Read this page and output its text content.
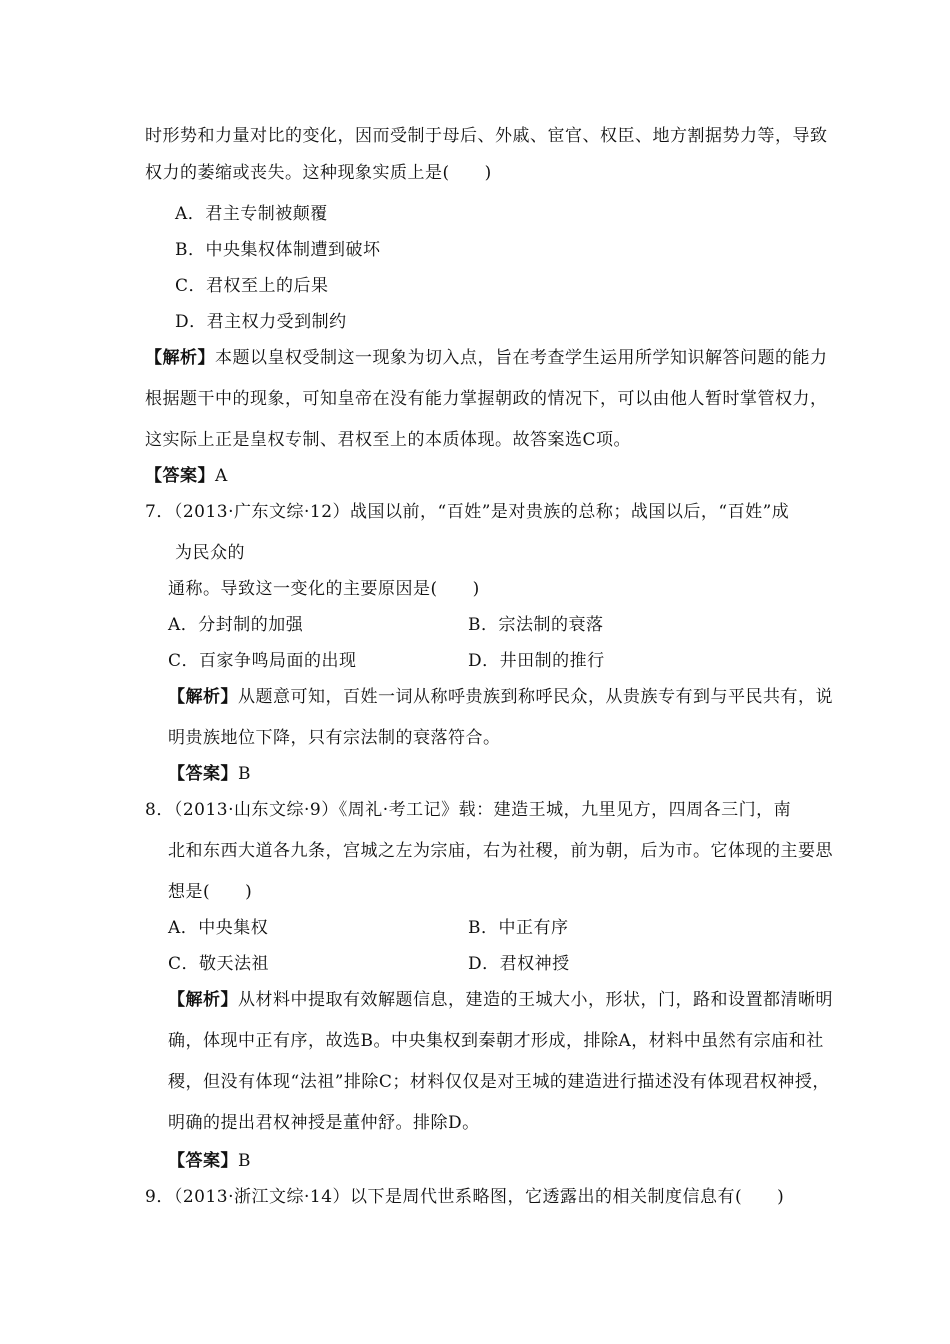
时形势和力量对比的变化，因而受制于母后、外戚、宦官、权臣、地方割据势力等，导致
权力的萎缩或丧失。这种现象实质上是(　　)
A．君主专制被颠覆
B．中央集权体制遭到破坏
C．君权至上的后果
D．君主权力受到制约
【解析】本题以皇权受制这一现象为切入点，旨在考查学生运用所学知识解答问题的能力
根据题干中的现象，可知皇帝在没有能力掌握朝政的情况下，可以由他人暂时掌管权力，
这实际上正是皇权专制、君权至上的本质体现。故答案选C项。
【答案】A
7．（2013·广东文综·12）战国以前，“百姓”是对贵族的总称；战国以后，“百姓”成
为民众的
通称。导致这一变化的主要原因是(　　)
A．分封制的加强	B．宗法制的衰落
C．百家争鸣局面的出现	D．井田制的推行
【解析】从题意可知，百姓一词从称呼贵族到称呼民众，从贵族专有到与平民共有，说
明贵族地位下降，只有宗法制的衰落符合。
【答案】B
8．（2013·山东文综·9）《周礼·考工记》载：建造王城，九里见方，四周各三门，南
北和东西大道各九条，宫城之左为宗庙，右为社稷，前为朝，后为市。它体现的主要思
想是(　　)
A．中央集权	B．中正有序
C．敬天法祖	D．君权神授
【解析】从材料中提取有效解题信息，建造的王城大小，形状，门，路和设置都清晰明
确，体现中正有序，故选B。中央集权到秦朝才形成，排除A，材料中虽然有宗庙和社
稷，但没有体现“法祖”排除C；材料仅仅是对王城的建造进行描述没有体现君权神授，
明确的提出君权神授是董仲舒。排除D。
【答案】B
9．（2013·浙江文综·14）以下是周代世系略图，它透露出的相关制度信息有(　　)
